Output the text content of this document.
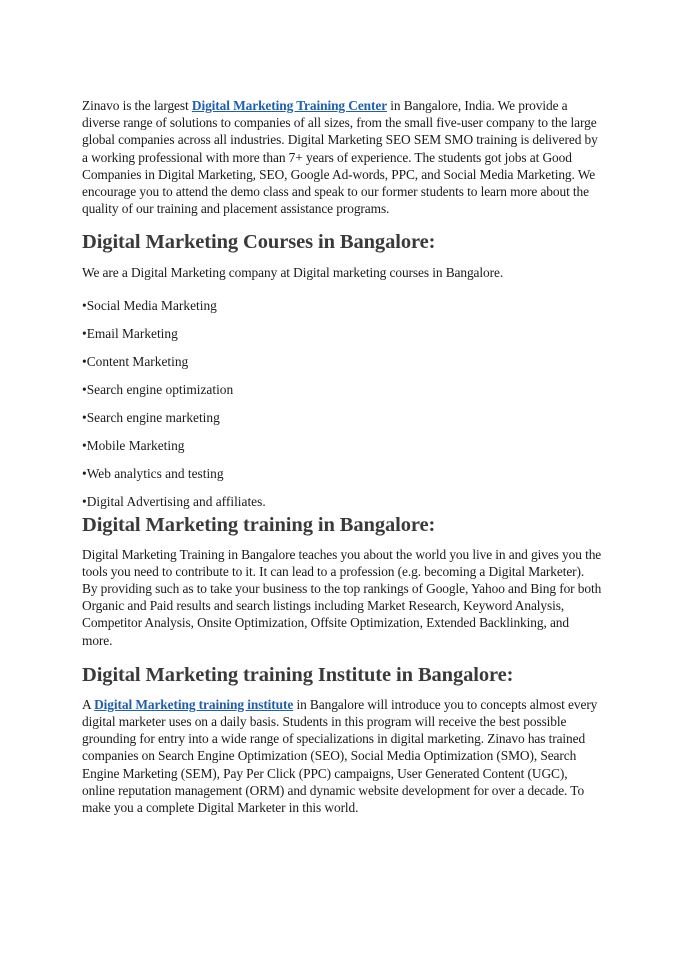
Zinavo is the largest Digital Marketing Training Center in Bangalore, India. We provide a diverse range of solutions to companies of all sizes, from the small five-user company to the large global companies across all industries. Digital Marketing SEO SEM SMO training is delivered by a working professional with more than 7+ years of experience. The students got jobs at Good Companies in Digital Marketing, SEO, Google Ad-words, PPC, and Social Media Marketing. We encourage you to attend the demo class and speak to our former students to learn more about the quality of our training and placement assistance programs.

Digital Marketing Courses in Bangalore:

We are a Digital Marketing company at Digital marketing courses in Bangalore.

•Social Media Marketing
•Email Marketing
•Content Marketing
•Search engine optimization
•Search engine marketing
•Mobile Marketing
•Web analytics and testing
•Digital Advertising and affiliates.
Digital Marketing training in Bangalore:

Digital Marketing Training in Bangalore teaches you about the world you live in and gives you the tools you need to contribute to it. It can lead to a profession (e.g. becoming a Digital Marketer). By providing such as to take your business to the top rankings of Google, Yahoo and Bing for both Organic and Paid results and search listings including Market Research, Keyword Analysis, Competitor Analysis, Onsite Optimization, Offsite Optimization, Extended Backlinking, and more.

Digital Marketing training Institute in Bangalore:

A Digital Marketing training institute in Bangalore will introduce you to concepts almost every digital marketer uses on a daily basis. Students in this program will receive the best possible grounding for entry into a wide range of specializations in digital marketing. Zinavo has trained companies on Search Engine Optimization (SEO), Social Media Optimization (SMO), Search Engine Marketing (SEM), Pay Per Click (PPC) campaigns, User Generated Content (UGC), online reputation management (ORM) and dynamic website development for over a decade. To make you a complete Digital Marketer in this world.
